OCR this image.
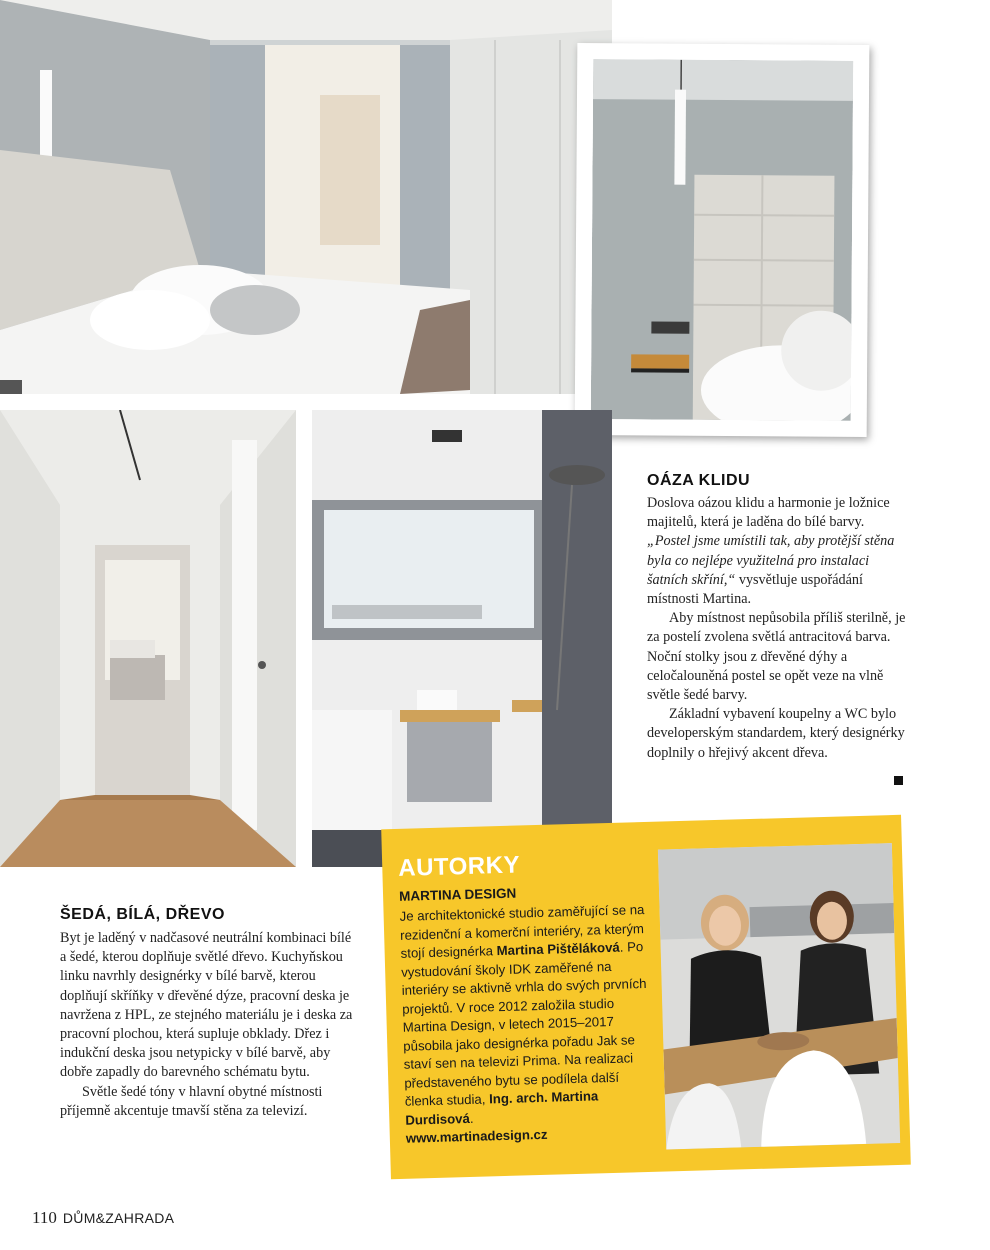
OÁZA KLIDU

Doslova oázou klidu a harmonie je ložnice majitelů, která je laděna do bílé barvy. „Postel jsme umístili tak, aby protější stěna byla co nejlépe využitelná pro instalaci šatních skříní,“ vysvětluje uspořádání místnosti Martina.

Aby místnost nepůsobila příliš sterilně, je za postelí zvolena světlá antracitová barva. Noční stolky jsou z dřevěné dýhy a celočalouněná postel se opět veze na vlně světle šedé barvy.

Základní vybavení koupelny a WC bylo developerským standardem, který designérky doplnily o hřejivý akcent dřeva.

ŠEDÁ, BÍLÁ, DŘEVO

Byt je laděný v nadčasové neutrální kombinaci bílé a šedé, kterou doplňuje světlé dřevo. Kuchyňskou linku navrhly designérky v bílé barvě, kterou doplňují skříňky v dřevěné dýze, pracovní deska je navržena z HPL, ze stejného materiálu je i deska za pracovní plochou, která supluje obklady. Dřez i indukční deska jsou netypicky v bílé barvě, aby dobře zapadly do barevného schématu bytu.

Světle šedé tóny v hlavní obytné místnosti příjemně akcentuje tmavší stěna za televizí.

AUTORKY
MARTINA DESIGN
Je architektonické studio zaměřující se na rezidenční a komerční interiéry, za kterým stojí designérka Martina Pištěláková. Po vystudování školy IDK zaměřené na interiéry se aktivně vrhla do svých prvních projektů. V roce 2012 založila studio Martina Design, v letech 2015–2017 působila jako designérka pořadu Jak se staví sen na televizi Prima. Na realizaci představeného bytu se podílela další členka studia, Ing. arch. Martina Durdisová.
www.martinadesign.cz
110 DŮM&ZAHRADA
